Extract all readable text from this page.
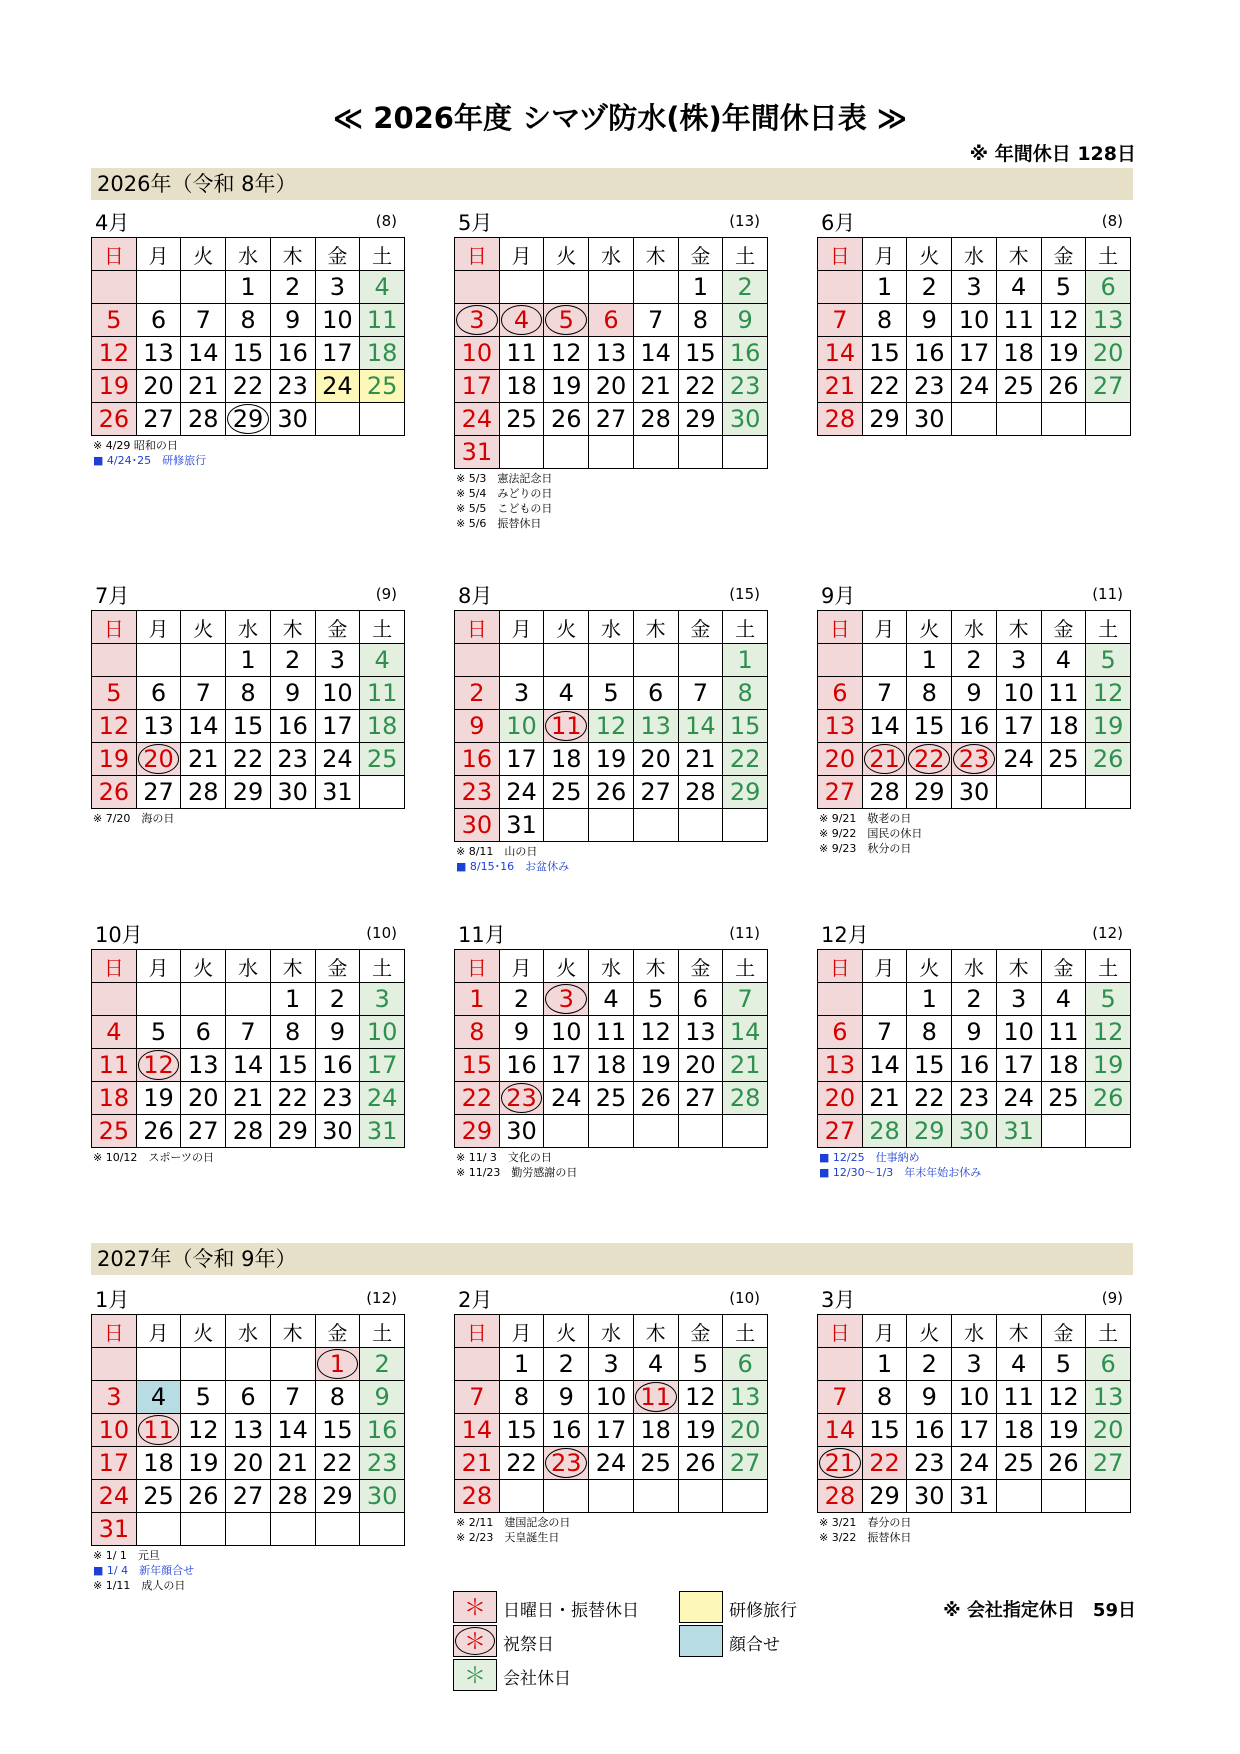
≪ 2026年度 シマヅ防水(株)年間休日表 ≫
※ 年間休日 128日
2026年（令和 8年）
2027年（令和 9年）
4月	(8)
日	月	火	水	木	金	土
			1	2	3	4
5	6	7	8	9	10	11
12	13	14	15	16	17	18
19	20	21	22	23	24	25
26	27	28	29	30		
※ 4/29 昭和の日
■ 4/24･25　研修旅行
5月	(13)
日	月	火	水	木	金	土
					1	2
3	4	5	6	7	8	9
10	11	12	13	14	15	16
17	18	19	20	21	22	23
24	25	26	27	28	29	30
31						
※ 5/3　憲法記念日
※ 5/4　みどりの日
※ 5/5　こどもの日
※ 5/6　振替休日
6月	(8)
日	月	火	水	木	金	土
	1	2	3	4	5	6
7	8	9	10	11	12	13
14	15	16	17	18	19	20
21	22	23	24	25	26	27
28	29	30				
7月	(9)
日	月	火	水	木	金	土
			1	2	3	4
5	6	7	8	9	10	11
12	13	14	15	16	17	18
19	20	21	22	23	24	25
26	27	28	29	30	31	
※ 7/20　海の日
8月	(15)
日	月	火	水	木	金	土
						1
2	3	4	5	6	7	8
9	10	11	12	13	14	15
16	17	18	19	20	21	22
23	24	25	26	27	28	29
30	31					
※ 8/11　山の日
■ 8/15･16　お盆休み
9月	(11)
日	月	火	水	木	金	土
		1	2	3	4	5
6	7	8	9	10	11	12
13	14	15	16	17	18	19
20	21	22	23	24	25	26
27	28	29	30			
※ 9/21　敬老の日
※ 9/22　国民の休日
※ 9/23　秋分の日
10月	(10)
日	月	火	水	木	金	土
				1	2	3
4	5	6	7	8	9	10
11	12	13	14	15	16	17
18	19	20	21	22	23	24
25	26	27	28	29	30	31
※ 10/12　スポーツの日
11月	(11)
日	月	火	水	木	金	土
1	2	3	4	5	6	7
8	9	10	11	12	13	14
15	16	17	18	19	20	21
22	23	24	25	26	27	28
29	30					
※ 11/ 3　文化の日
※ 11/23　勤労感謝の日
12月	(12)
日	月	火	水	木	金	土
		1	2	3	4	5
6	7	8	9	10	11	12
13	14	15	16	17	18	19
20	21	22	23	24	25	26
27	28	29	30	31		
■ 12/25　仕事納め
■ 12/30～1/3　年末年始お休み
1月	(12)
日	月	火	水	木	金	土
					1	2
3	4	5	6	7	8	9
10	11	12	13	14	15	16
17	18	19	20	21	22	23
24	25	26	27	28	29	30
31						
※ 1/ 1　元旦
■ 1/ 4　新年顔合せ
※ 1/11　成人の日
2月	(10)
日	月	火	水	木	金	土
	1	2	3	4	5	6
7	8	9	10	11	12	13
14	15	16	17	18	19	20
21	22	23	24	25	26	27
28						
※ 2/11　建国記念の日
※ 2/23　天皇誕生日
3月	(9)
日	月	火	水	木	金	土
	1	2	3	4	5	6
7	8	9	10	11	12	13
14	15	16	17	18	19	20
21	22	23	24	25	26	27
28	29	30	31			
※ 3/21　春分の日
※ 3/22　振替休日
＊	日曜日・振替休日
＊	祝祭日
＊	会社休日
研修旅行
顔合せ
※ 会社指定休日　59日
